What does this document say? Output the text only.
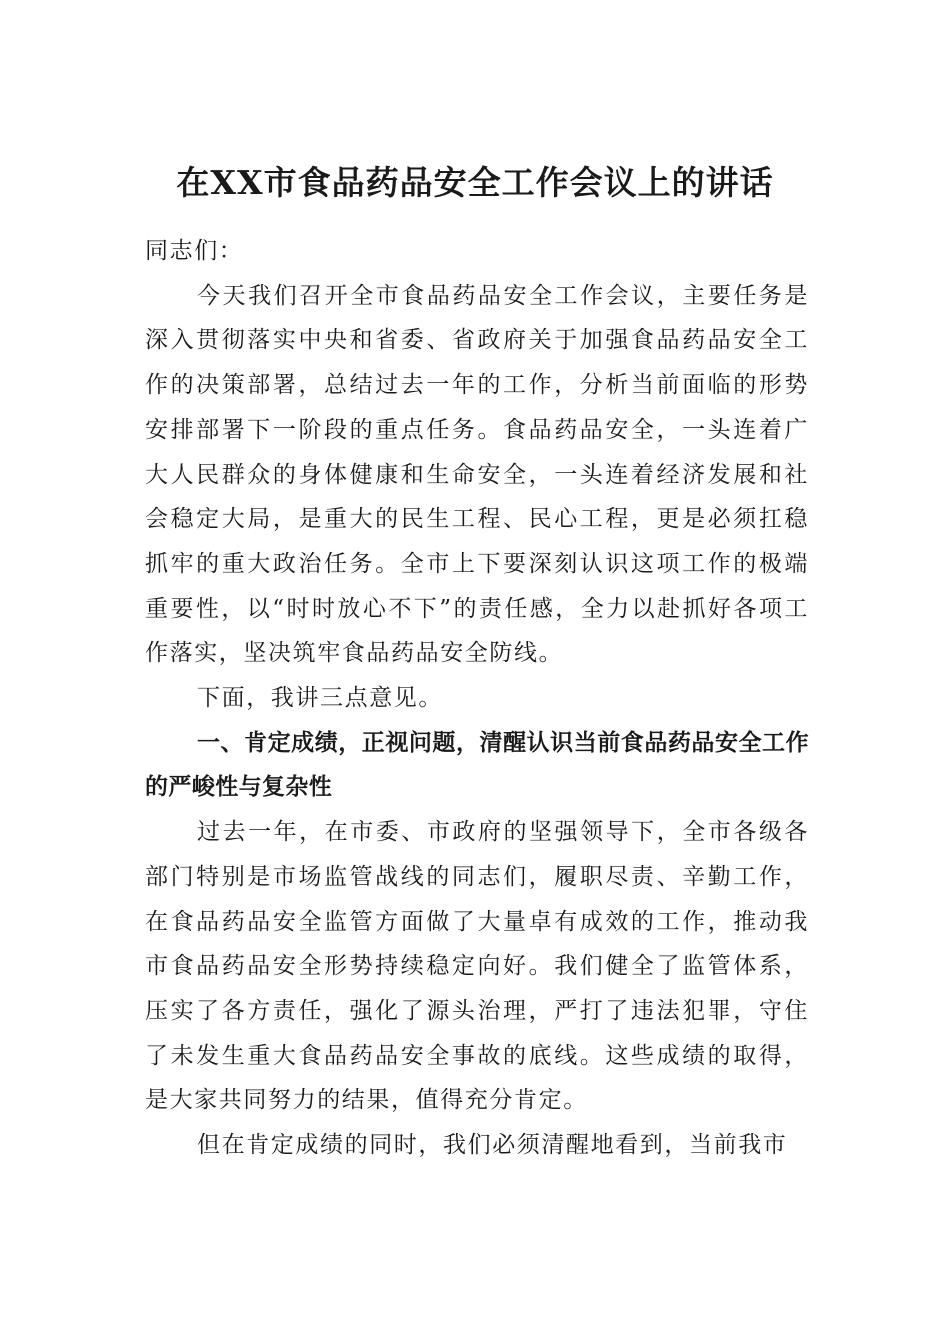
在XX市食品药品安全工作会议上的讲话

同志们：

今天我们召开全市食品药品安全工作会议，主要任务是深入贯彻落实中央和省委、省政府关于加强食品药品安全工作的决策部署，总结过去一年的工作，分析当前面临的形势安排部署下一阶段的重点任务。食品药品安全，一头连着广大人民群众的身体健康和生命安全，一头连着经济发展和社会稳定大局，是重大的民生工程、民心工程，更是必须扛稳抓牢的重大政治任务。全市上下要深刻认识这项工作的极端重要性，以“时时放心不下”的责任感，全力以赴抓好各项工作落实，坚决筑牢食品药品安全防线。

下面，我讲三点意见。

一、肯定成绩，正视问题，清醒认识当前食品药品安全工作的严峻性与复杂性

过去一年，在市委、市政府的坚强领导下，全市各级各部门特别是市场监管战线的同志们，履职尽责、辛勤工作，在食品药品安全监管方面做了大量卓有成效的工作，推动我市食品药品安全形势持续稳定向好。我们健全了监管体系，压实了各方责任，强化了源头治理，严打了违法犯罪，守住了未发生重大食品药品安全事故的底线。这些成绩的取得，是大家共同努力的结果，值得充分肯定。

但在肯定成绩的同时，我们必须清醒地看到，当前我市
